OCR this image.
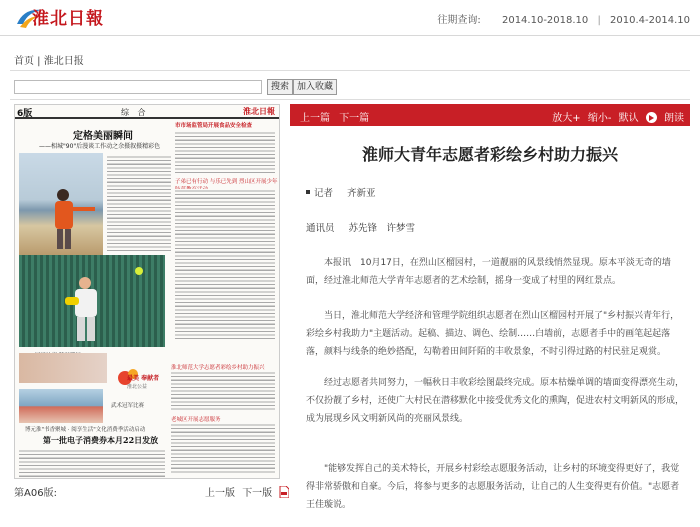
淮北日報	往期查询: 2014.10-2018.10 | 2010.4-2014.10
首页 | 淮北日报
搜索 加入收藏
6版	综 合	淮北日報
定格美丽瞬间
——相城"90"后漫谈工作动之余摄叙摄精彩色
市市场监管局开展食品安全检查
子弟已有行动 与乐已先到 烈山区开展少年
最美 奉献者
淮北公益
武术冠军比赛
淮北师范大学志愿者彩绘乡村助力振兴
老城区开展志愿服务
博元淮"书香聚城 · 阅享生活"文化消费季活动启动
第一批电子消费券本月22日发放
第A06版:	上一版 下一版
上一篇 下一篇	放大+ 缩小- 默认	朗读
淮师大青年志愿者彩绘乡村助力振兴
记者 齐新亚
通讯员 苏先锋　许梦雪

本报讯　10月17日，在烈山区榴园村，一道靓丽的风景线悄然显现。原本平淡无奇的墙面，经过淮北师范大学青年志愿者的艺术绘制，摇身一变成了村里的网红景点。

当日，淮北师范大学经济和管理学院组织志愿者在烈山区榴园村开展了"乡村振兴青年行，彩绘乡村我助力"主题活动。起稿、描边、调色、绘制……白墙前，志愿者手中的画笔起起落落，颜料与线条的绝妙搭配，勾勒着田间阡陌的丰收景象，不时引得过路的村民驻足观赏。

经过志愿者共同努力，一幅秋日丰收彩绘图最终完成。原本枯燥单调的墙面变得漂亮生动，不仅扮靓了乡村，还使广大村民在潜移默化中接受优秀文化的熏陶，促进农村文明新风的形成，成为展现乡风文明新风尚的亮丽风景线。

"能够发挥自己的美术特长，开展乡村彩绘志愿服务活动，让乡村的环境变得更好了，我觉得非常骄傲和自豪。今后，将参与更多的志愿服务活动，让自己的人生变得更有价值。"志愿者王佳璇说。
